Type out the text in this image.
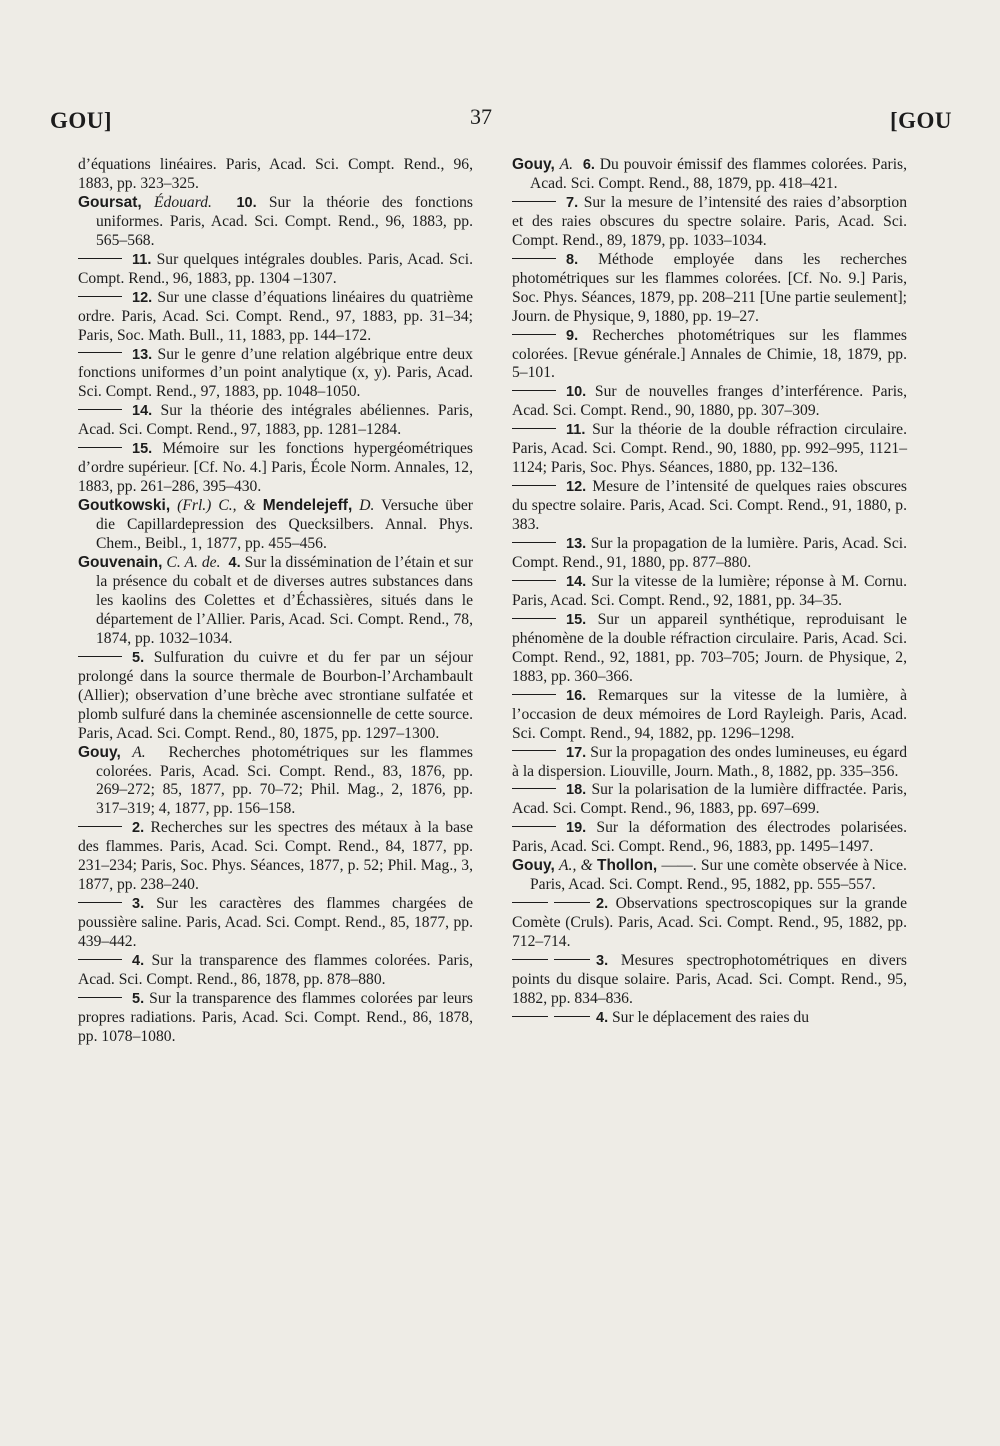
GOU]	37	[GOU
d’équations linéaires. Paris, Acad. Sci. Compt. Rend., 96, 1883, pp. 323–325.
Goursat, Édouard. 10. Sur la théorie des fonctions uniformes. Paris, Acad. Sci. Compt. Rend., 96, 1883, pp. 565–568.
11. Sur quelques intégrales doubles. Paris, Acad. Sci. Compt. Rend., 96, 1883, pp. 1304 –1307.
12. Sur une classe d’équations linéaires du quatrième ordre. Paris, Acad. Sci. Compt. Rend., 97, 1883, pp. 31–34; Paris, Soc. Math. Bull., 11, 1883, pp. 144–172.
13. Sur le genre d’une relation algébrique entre deux fonctions uniformes d’un point analytique (x, y). Paris, Acad. Sci. Compt. Rend., 97, 1883, pp. 1048–1050.
14. Sur la théorie des intégrales abéliennes. Paris, Acad. Sci. Compt. Rend., 97, 1883, pp. 1281–1284.
15. Mémoire sur les fonctions hypergéométriques d’ordre supérieur. [Cf. No. 4.] Paris, École Norm. Annales, 12, 1883, pp. 261–286, 395–430.
Goutkowski, (Frl.) C., & Mendelejeff, D. Versuche über die Capillardepression des Quecksilbers. Annal. Phys. Chem., Beibl., 1, 1877, pp. 455–456.
Gouvenain, C. A. de. 4. Sur la dissémination de l’étain et sur la présence du cobalt et de diverses autres substances dans les kaolins des Colettes et d’Échassières, situés dans le département de l’Allier. Paris, Acad. Sci. Compt. Rend., 78, 1874, pp. 1032–1034.
5. Sulfuration du cuivre et du fer par un séjour prolongé dans la source thermale de Bourbon-l’Archambault (Allier); observation d’une brèche avec strontiane sulfatée et plomb sulfuré dans la cheminée ascensionnelle de cette source. Paris, Acad. Sci. Compt. Rend., 80, 1875, pp. 1297–1300.
Gouy, A. Recherches photométriques sur les flammes colorées. Paris, Acad. Sci. Compt. Rend., 83, 1876, pp. 269–272; 85, 1877, pp. 70–72; Phil. Mag., 2, 1876, pp. 317–319; 4, 1877, pp. 156–158.
2. Recherches sur les spectres des métaux à la base des flammes. Paris, Acad. Sci. Compt. Rend., 84, 1877, pp. 231–234; Paris, Soc. Phys. Séances, 1877, p. 52; Phil. Mag., 3, 1877, pp. 238–240.
3. Sur les caractères des flammes chargées de poussière saline. Paris, Acad. Sci. Compt. Rend., 85, 1877, pp. 439–442.
4. Sur la transparence des flammes colorées. Paris, Acad. Sci. Compt. Rend., 86, 1878, pp. 878–880.
5. Sur la transparence des flammes colorées par leurs propres radiations. Paris, Acad. Sci. Compt. Rend., 86, 1878, pp. 1078–1080.
Gouy, A. 6. Du pouvoir émissif des flammes colorées. Paris, Acad. Sci. Compt. Rend., 88, 1879, pp. 418–421.
7. Sur la mesure de l’intensité des raies d’absorption et des raies obscures du spectre solaire. Paris, Acad. Sci. Compt. Rend., 89, 1879, pp. 1033–1034.
8. Méthode employée dans les recherches photométriques sur les flammes colorées. [Cf. No. 9.] Paris, Soc. Phys. Séances, 1879, pp. 208–211 [Une partie seulement]; Journ. de Physique, 9, 1880, pp. 19–27.
9. Recherches photométriques sur les flammes colorées. [Revue générale.] Annales de Chimie, 18, 1879, pp. 5–101.
10. Sur de nouvelles franges d’interférence. Paris, Acad. Sci. Compt. Rend., 90, 1880, pp. 307–309.
11. Sur la théorie de la double réfraction circulaire. Paris, Acad. Sci. Compt. Rend., 90, 1880, pp. 992–995, 1121–1124; Paris, Soc. Phys. Séances, 1880, pp. 132–136.
12. Mesure de l’intensité de quelques raies obscures du spectre solaire. Paris, Acad. Sci. Compt. Rend., 91, 1880, p. 383.
13. Sur la propagation de la lumière. Paris, Acad. Sci. Compt. Rend., 91, 1880, pp. 877–880.
14. Sur la vitesse de la lumière; réponse à M. Cornu. Paris, Acad. Sci. Compt. Rend., 92, 1881, pp. 34–35.
15. Sur un appareil synthétique, reproduisant le phénomène de la double réfraction circulaire. Paris, Acad. Sci. Compt. Rend., 92, 1881, pp. 703–705; Journ. de Physique, 2, 1883, pp. 360–366.
16. Remarques sur la vitesse de la lumière, à l’occasion de deux mémoires de Lord Rayleigh. Paris, Acad. Sci. Compt. Rend., 94, 1882, pp. 1296–1298.
17. Sur la propagation des ondes lumineuses, eu égard à la dispersion. Liouville, Journ. Math., 8, 1882, pp. 335–356.
18. Sur la polarisation de la lumière diffractée. Paris, Acad. Sci. Compt. Rend., 96, 1883, pp. 697–699.
19. Sur la déformation des électrodes polarisées. Paris, Acad. Sci. Compt. Rend., 96, 1883, pp. 1495–1497.
Gouy, A., & Thollon, ——. Sur une comète observée à Nice. Paris, Acad. Sci. Compt. Rend., 95, 1882, pp. 555–557.
2. Observations spectroscopiques sur la grande Comète (Cruls). Paris, Acad. Sci. Compt. Rend., 95, 1882, pp. 712–714.
3. Mesures spectrophotométriques en divers points du disque solaire. Paris, Acad. Sci. Compt. Rend., 95, 1882, pp. 834–836.
4. Sur le déplacement des raies du
